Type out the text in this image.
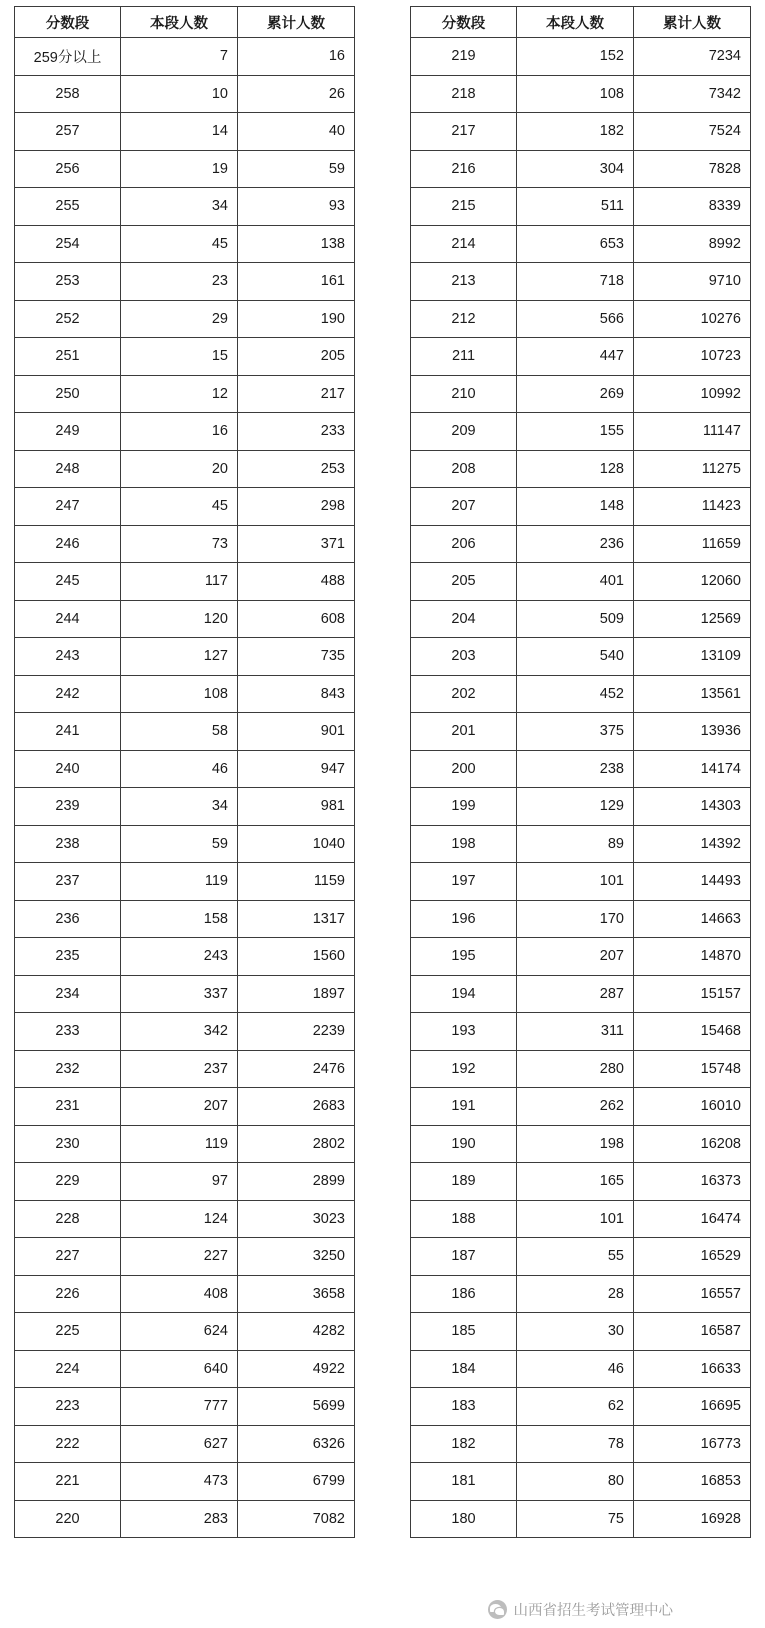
分数段	本段人数	累计人数
259分以上	7	16
258	10	26
257	14	40
256	19	59
255	34	93
254	45	138
253	23	161
252	29	190
251	15	205
250	12	217
249	16	233
248	20	253
247	45	298
246	73	371
245	117	488
244	120	608
243	127	735
242	108	843
241	58	901
240	46	947
239	34	981
238	59	1040
237	119	1159
236	158	1317
235	243	1560
234	337	1897
233	342	2239
232	237	2476
231	207	2683
230	119	2802
229	97	2899
228	124	3023
227	227	3250
226	408	3658
225	624	4282
224	640	4922
223	777	5699
222	627	6326
221	473	6799
220	283	7082
分数段	本段人数	累计人数
219	152	7234
218	108	7342
217	182	7524
216	304	7828
215	511	8339
214	653	8992
213	718	9710
212	566	10276
211	447	10723
210	269	10992
209	155	11147
208	128	11275
207	148	11423
206	236	11659
205	401	12060
204	509	12569
203	540	13109
202	452	13561
201	375	13936
200	238	14174
199	129	14303
198	89	14392
197	101	14493
196	170	14663
195	207	14870
194	287	15157
193	311	15468
192	280	15748
191	262	16010
190	198	16208
189	165	16373
188	101	16474
187	55	16529
186	28	16557
185	30	16587
184	46	16633
183	62	16695
182	78	16773
181	80	16853
180	75	16928
山西省招生考试管理中心
